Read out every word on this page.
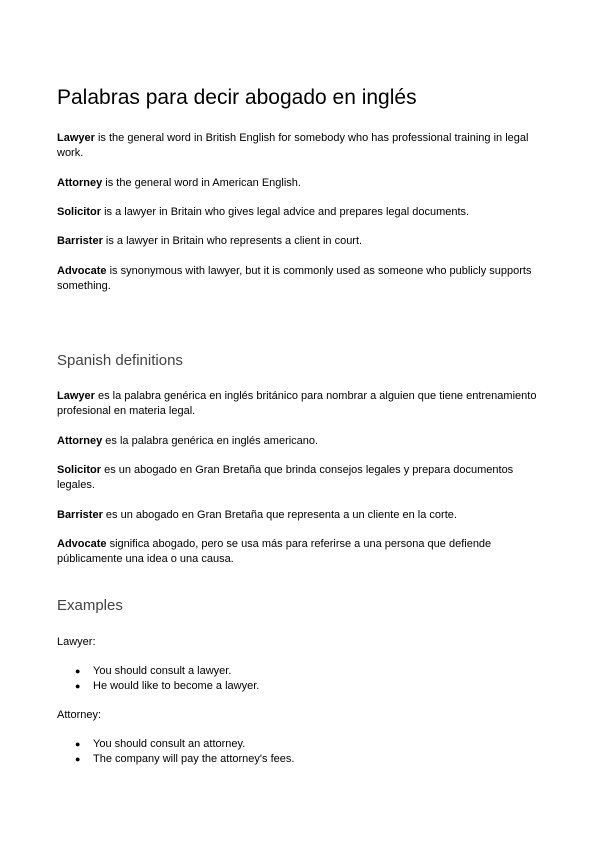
Palabras para decir abogado en inglés

Lawyer is the general word in British English for somebody who has professional training in legal work.

Attorney is the general word in American English.

Solicitor is a lawyer in Britain who gives legal advice and prepares legal documents.

Barrister is a lawyer in Britain who represents a client in court.

Advocate is synonymous with lawyer, but it is commonly used as someone who publicly supports something.

Spanish definitions

Lawyer es la palabra genérica en inglés británico para nombrar a alguien que tiene entrenamiento profesional en materia legal.

Attorney es la palabra genérica en inglés americano.

Solicitor es un abogado en Gran Bretaña que brinda consejos legales y prepara documentos legales.

Barrister es un abogado en Gran Bretaña que representa a un cliente en la corte.

Advocate significa abogado, pero se usa más para referirse a una persona que defiende públicamente una idea o una causa.

Examples

Lawyer:

● You should consult a lawyer.
● He would like to become a lawyer.

Attorney:

● You should consult an attorney.
● The company will pay the attorney's fees.
